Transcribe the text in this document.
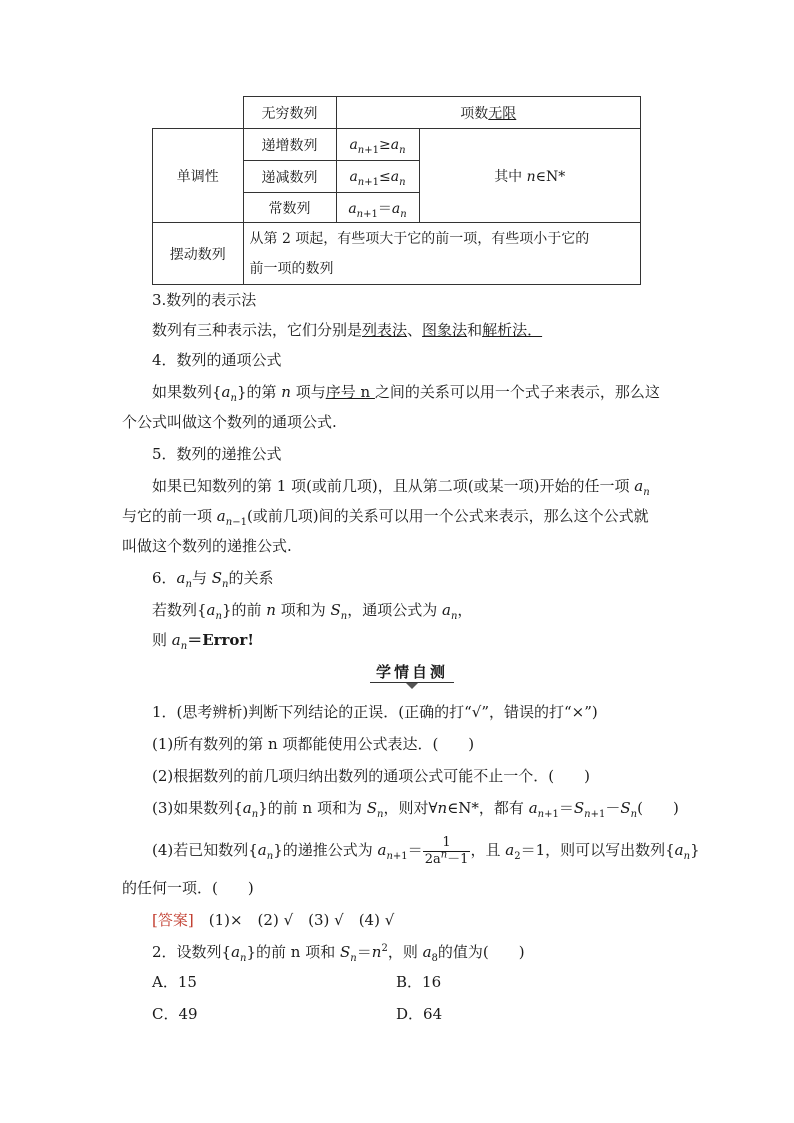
	无穷数列	项数无限	
单调性	递增数列	$a_{n+1}\ge a_n$	其中 n∈N*
	递减数列	$a_{n+1}\le a_n$
	常数列	$a_{n+1}=a_n$
摆动数列	从第 2 项起，有些项大于它的前一项，有些项小于它的
前一项的数列		
3.数列的表示法
数列有三种表示法，它们分别是列表法、图象法和解析法．
4．数列的通项公式
如果数列$\{a_n\}$的第 n 项与序号 n 之间的关系可以用一个式子来表示，那么这
个公式叫做这个数列的通项公式.
5．数列的递推公式
如果已知数列的第 1 项(或前几项)，且从第二项(或某一项)开始的任一项 $a_n$
与它的前一项 $a_{n-1}$(或前几项)间的关系可以用一个公式来表示，那么这个公式就
叫做这个数列的递推公式.
6．$a_n$与 $S_n$的关系
若数列$\{a_n\}$的前 n 项和为 $S_n$，通项公式为 $a_n$，
则 $a_n=Error$!
学情自测
1．(思考辨析)判断下列结论的正误．(正确的打“√”，错误的打“×”)
(1)所有数列的第 n 项都能使用公式表达．(　　)
(2)根据数列的前几项归纳出数列的通项公式可能不止一个．(　　)
(3)如果数列$\{a_n\}$的前 n 项和为 $S_n$，则对∀n∈N*，都有 $a_{n+1}=S_{n+1}-S_n$(　　)
(4)若已知数列$\{a_n\}$的递推公式为 $a_{n+1}= \frac{1}{2a^n-1}$ ，且 $a_2=1$，则可以写出数列$\{a_n\}$
的任何一项．(　　)
[答案]　 (1)×　(2) √　(3) √　(4) √
2．设数列$\{a_n\}$的前 n 项和 $S_n=n^2$，则 $a_8$的值为(　　)
A．15	B．16
C．49	D．64
